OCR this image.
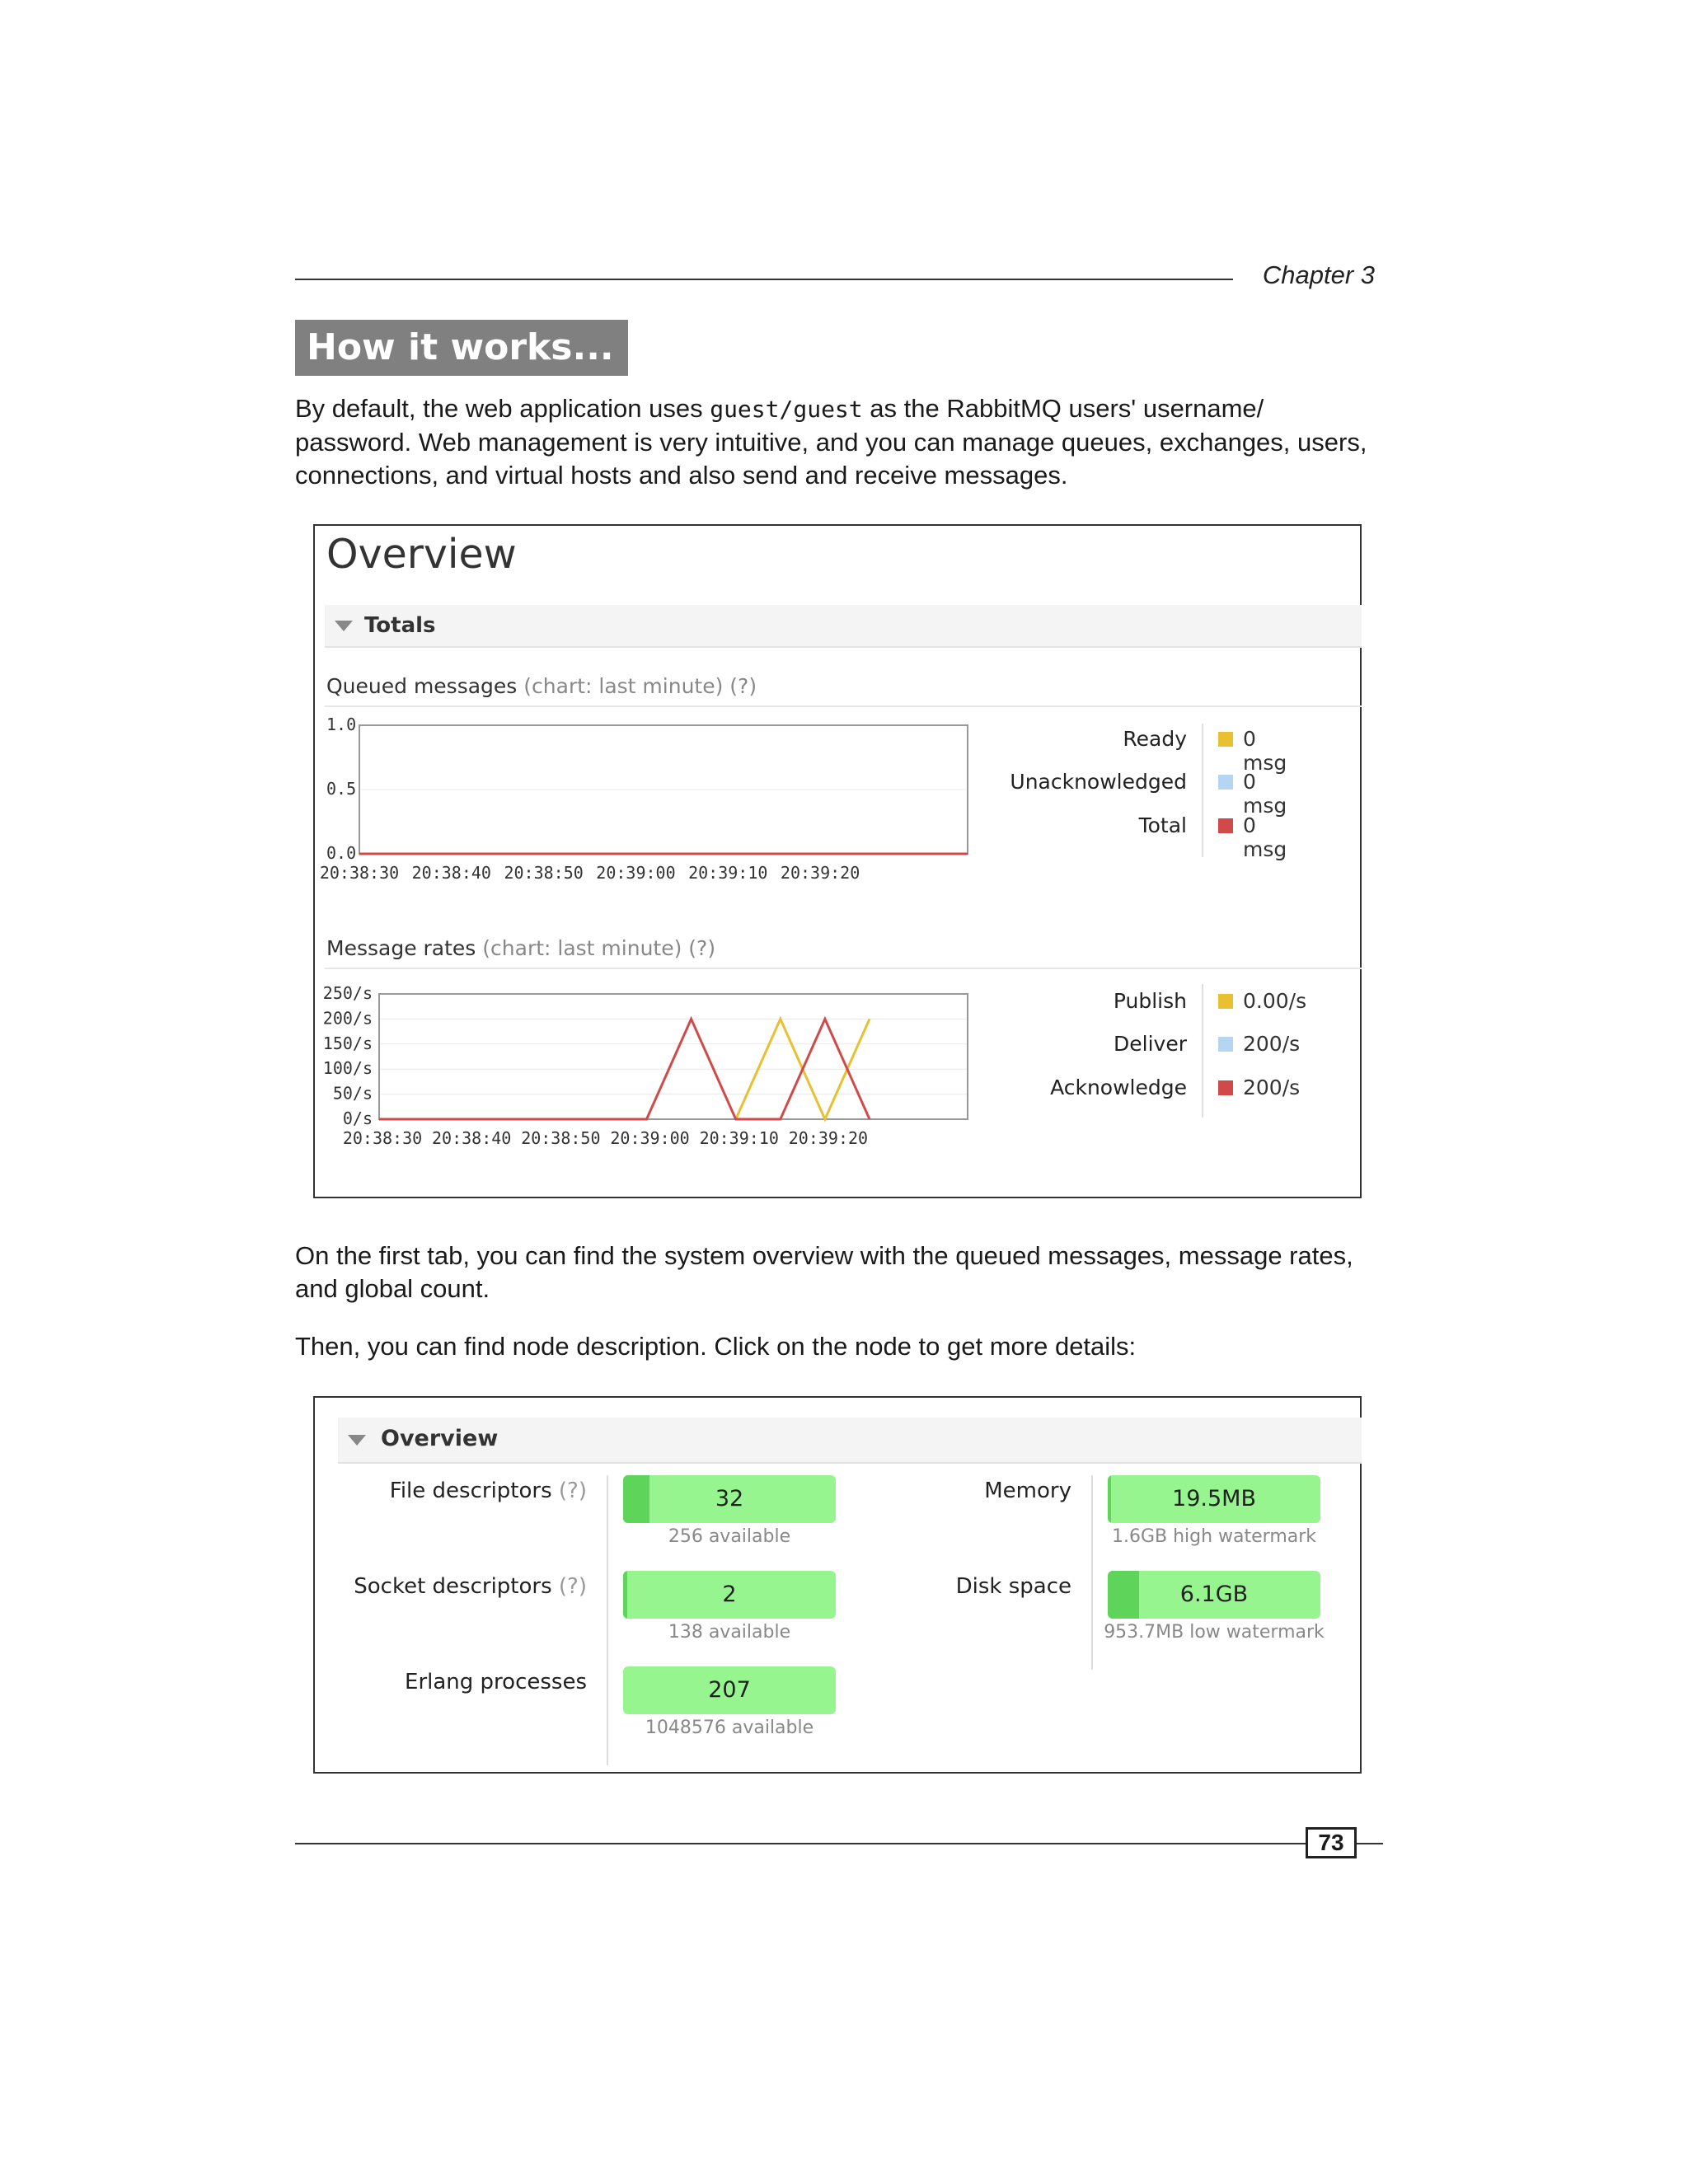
Chapter 3
How it works...
By default, the web application uses guest/guest as the RabbitMQ users' username/ password. Web management is very intuitive, and you can manage queues, exchanges, users, connections, and virtual hosts and also send and receive messages.
Overview
Totals
Queued messages (chart: last minute) (?)
1.0
0.5
0.0
20:38:30 20:38:40 20:38:50 20:39:00 20:39:10 20:39:20
Ready	0 msg
Unacknowledged	0 msg
Total	0 msg
Message rates (chart: last minute) (?)
250/s
200/s
150/s
100/s
50/s
0/s
20:38:30 20:38:40 20:38:50 20:39:00 20:39:10 20:39:20
Publish	0.00/s
Deliver	200/s
Acknowledge	200/s
On the first tab, you can find the system overview with the queued messages, message rates, and global count.
Then, you can find node description. Click on the node to get more details:
Overview
File descriptors (?)	32
256 available
Socket descriptors (?)	2
138 available
Erlang processes	207
1048576 available
Memory	19.5MB
1.6GB high watermark
Disk space	6.1GB
953.7MB low watermark
73
